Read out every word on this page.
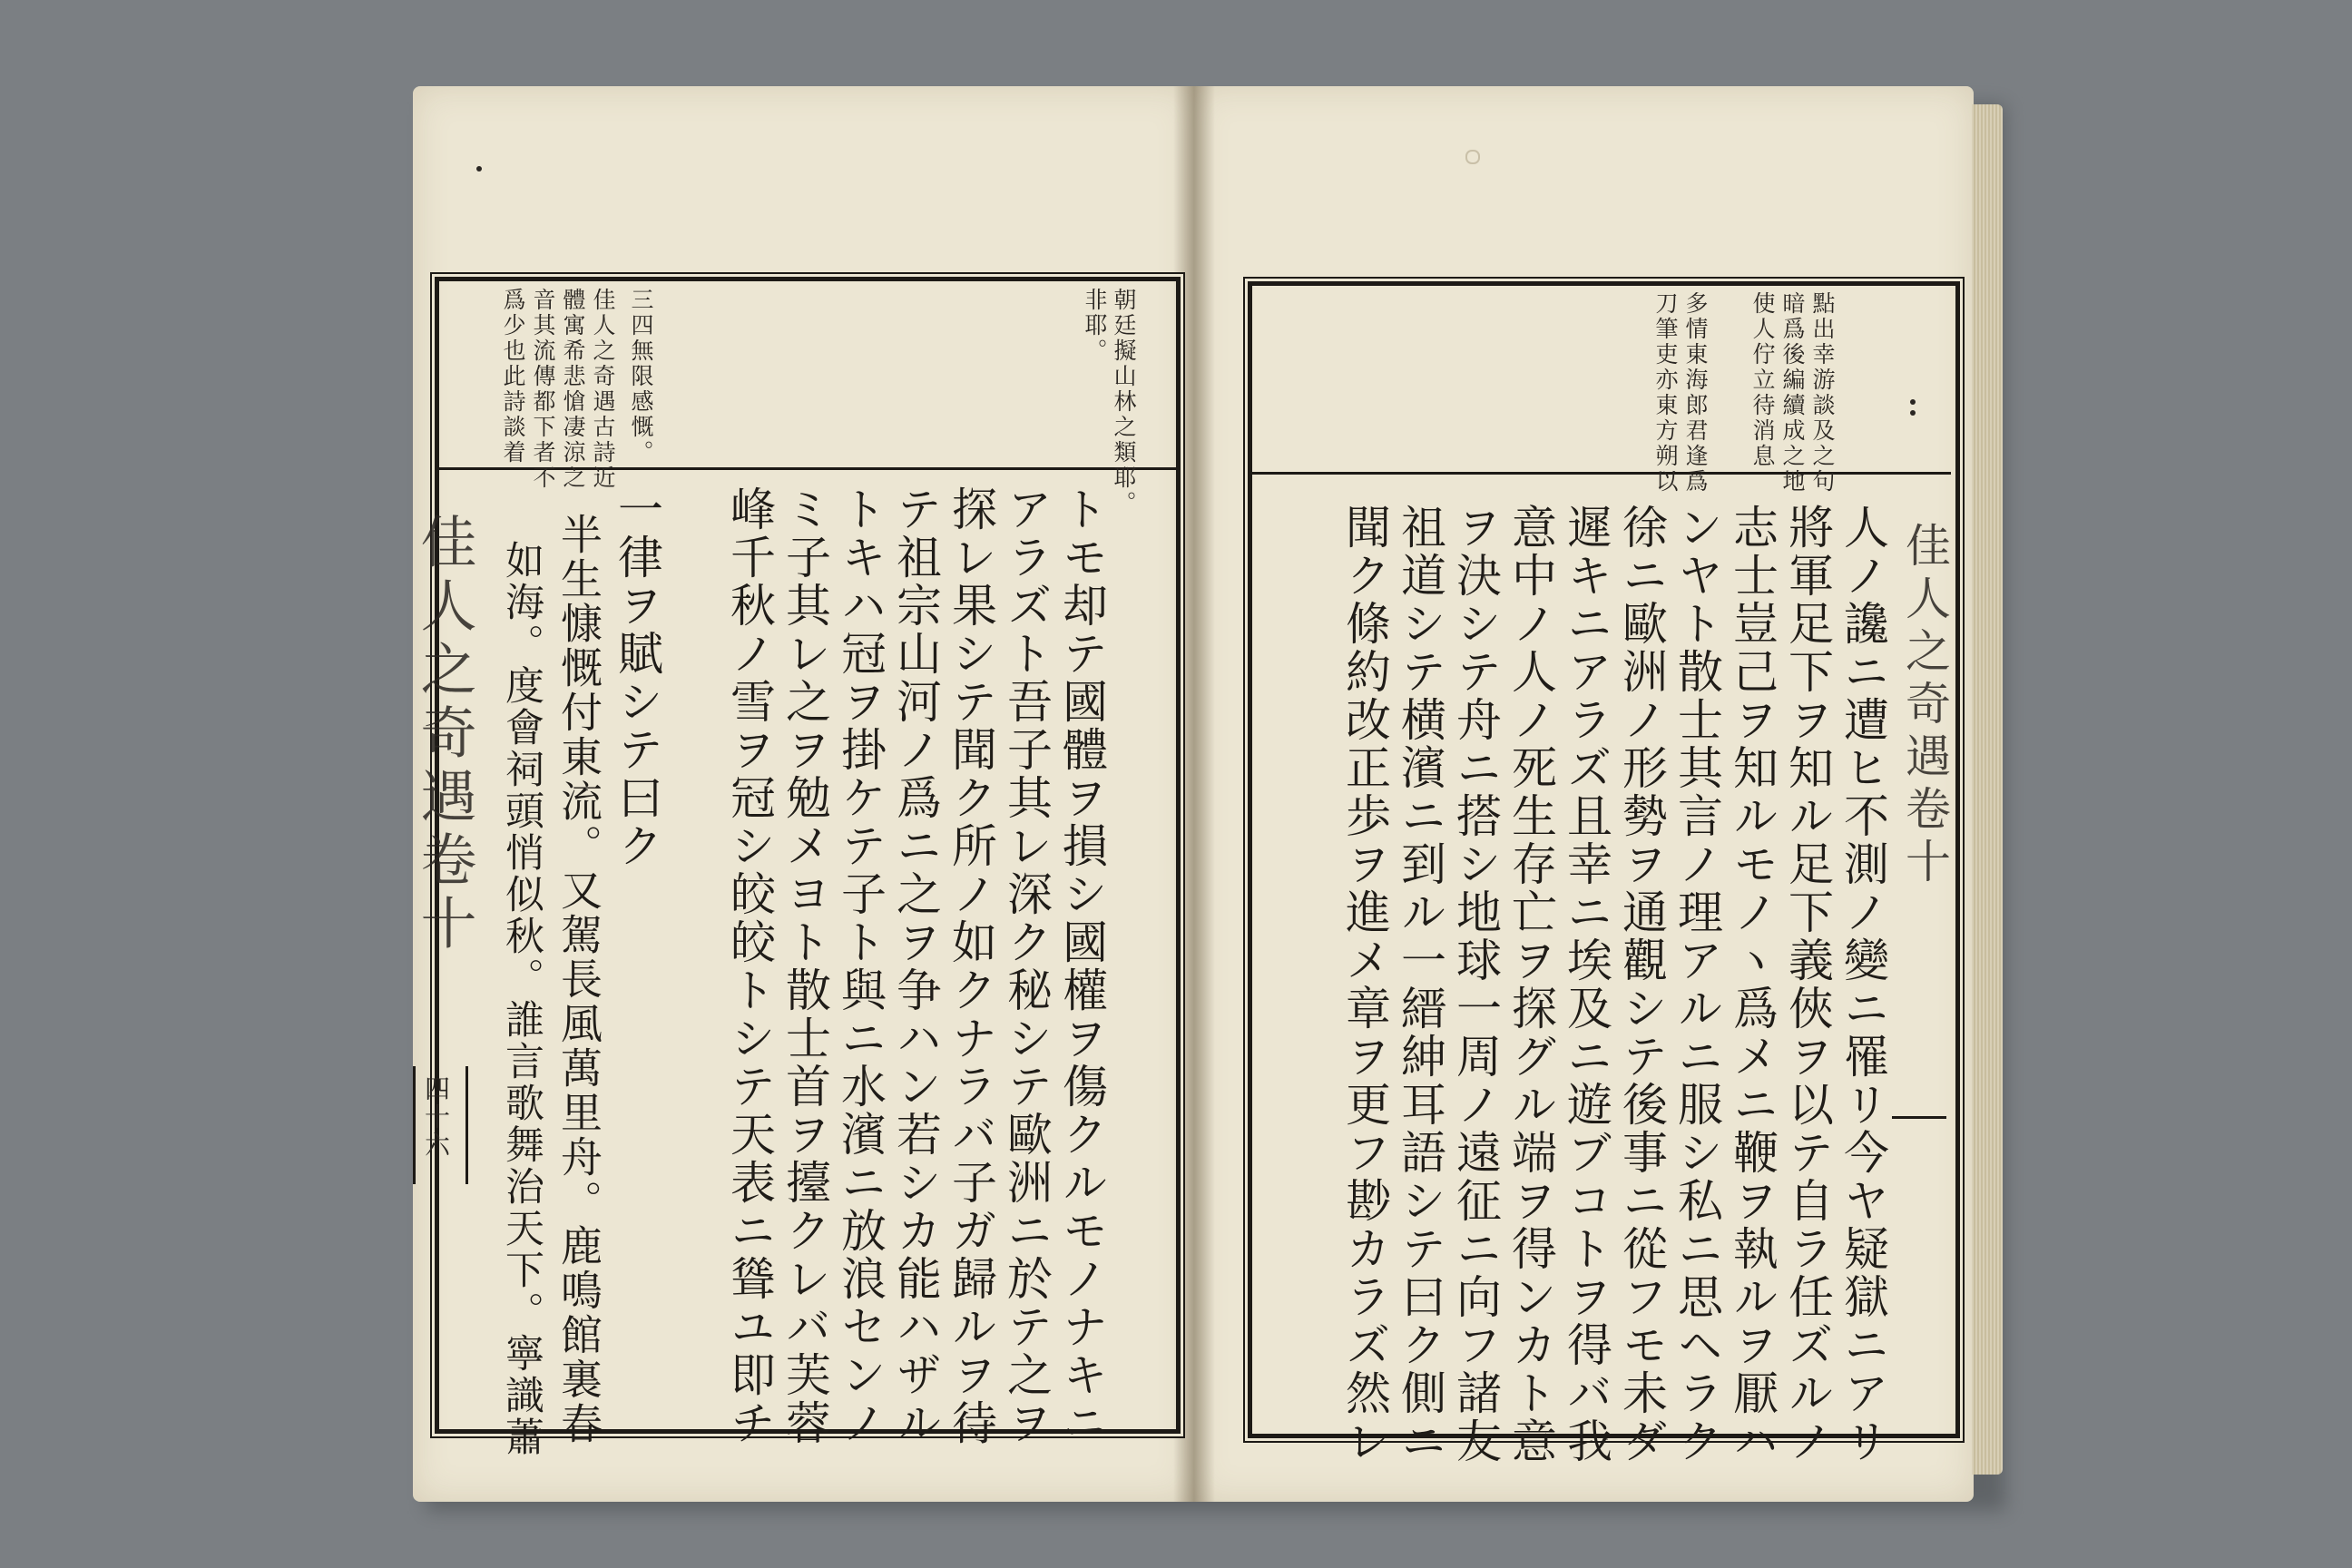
朝廷擬山林之類耶。
非耶。
三四無限感慨。
佳人之奇遇古詩近
體寓希悲愴凄涼之
音其流傳都下者不
爲少也此詩談着
トモ却テ國體ヲ損シ國權ヲ傷クルモノナキニ
アラズト吾子其レ深ク秘シテ歐洲ニ於テ之ヲ
探レ果シテ聞ク所ノ如クナラバ子ガ歸ルヲ待
テ祖宗山河ノ爲ニ之ヲ争ハン若シカ能ハザル
トキハ冠ヲ掛ケテ子ト與ニ水濱ニ放浪センノ
ミ子其レ之ヲ勉メヨト散士首ヲ擡クレバ芙蓉
峰千秋ノ雪ヲ冠シ皎皎トシテ天表ニ聳ユ即チ
一律ヲ賦シテ曰ク
半生慷慨付東流。又駕長風萬里舟。鹿鳴館裏春
如海。度會祠頭悄似秋。誰言歌舞治天下。寧識蕭
佳人之奇遇卷十
四十六
點出幸游談及之句
暗爲後編續成之地
使人佇立待消息
多情東海郎君逢爲
刀筆吏亦東方朔以
人ノ讒ニ遭ヒ不測ノ變ニ罹リ今ヤ疑獄ニアリ
將軍足下ヲ知ル足下義俠ヲ以テ自ラ任ズルノ
志士豈己ヲ知ルモノヽ爲メニ鞭ヲ執ルヲ厭ハ
ンヤト散士其言ノ理アルニ服シ私ニ思ヘラク
徐ニ歐洲ノ形勢ヲ通觀シテ後事ニ從フモ未ダ
遲キニアラズ且幸ニ埃及ニ遊ブコトヲ得バ我
意中ノ人ノ死生存亡ヲ探グル端ヲ得ンカト意
ヲ決シテ舟ニ搭シ地球一周ノ遠征ニ向フ諸友
祖道シテ横濱ニ到ル一縉紳耳語シテ曰ク側ニ
聞ク條約改正歩ヲ進メ章ヲ更フ尠カラズ然レ	佳人之奇遇卷十
